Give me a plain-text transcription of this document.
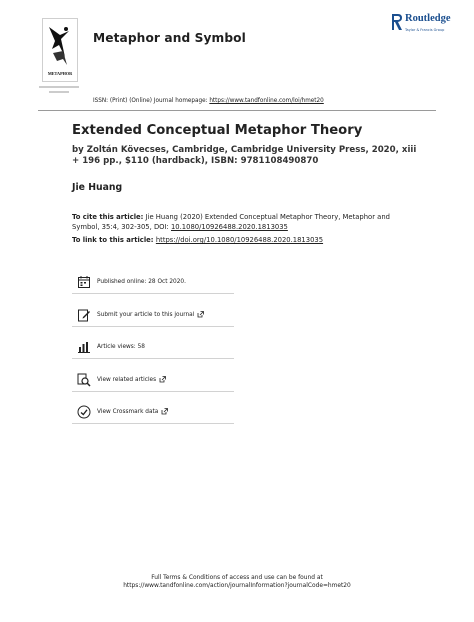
METAPHOR
Metaphor and Symbol
Routledge
Taylor & Francis Group
ISSN: (Print) (Online) Journal homepage: https://www.tandfonline.com/loi/hmet20
Extended Conceptual Metaphor Theory
by Zoltán Kövecses, Cambridge, Cambridge University Press, 2020, xiii + 196 pp., $110 (hardback), ISBN: 9781108490870
Jie Huang
To cite this article: Jie Huang (2020) Extended Conceptual Metaphor Theory, Metaphor and Symbol, 35:4, 302-305, DOI: 10.1080/10926488.2020.1813035
To link to this article: https://doi.org/10.1080/10926488.2020.1813035
Published online: 28 Oct 2020.
Submit your article to this journal
Article views: 58
View related articles
View Crossmark data
Full Terms & Conditions of access and use can be found at
https://www.tandfonline.com/action/journalInformation?journalCode=hmet20
